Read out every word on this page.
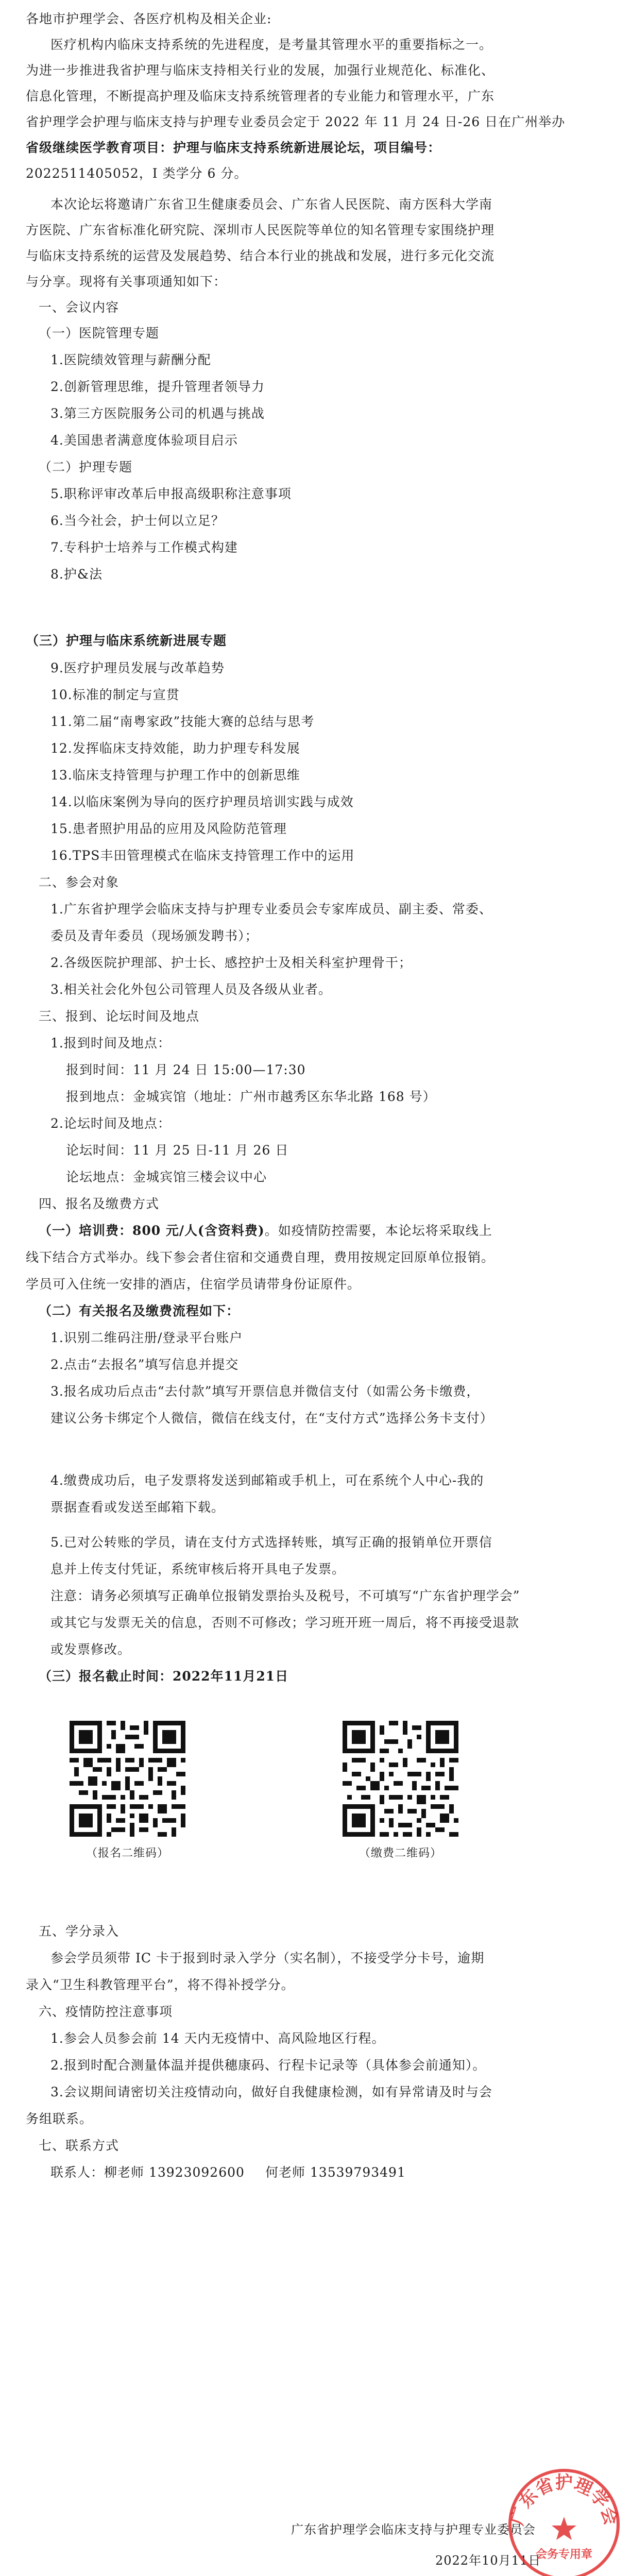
各地市护理学会、各医疗机构及相关企业:
医疗机构内临床支持系统的先进程度，是考量其管理水平的重要指标之一。
为进一步推进我省护理与临床支持相关行业的发展，加强行业规范化、标准化、
信息化管理，不断提高护理及临床支持系统管理者的专业能力和管理水平，广东
省护理学会护理与临床支持与护理专业委员会定于 2022 年 11 月 24 日-26 日在广州举办
省级继续医学教育项目：护理与临床支持系统新进展论坛，项目编号：
2022511405052，I 类学分 6 分。
本次论坛将邀请广东省卫生健康委员会、广东省人民医院、南方医科大学南
方医院、广东省标准化研究院、深圳市人民医院等单位的知名管理专家围绕护理
与临床支持系统的运营及发展趋势、结合本行业的挑战和发展，进行多元化交流
与分享。现将有关事项通知如下：
一、会议内容
（一）医院管理专题
1.医院绩效管理与薪酬分配
2.创新管理思维，提升管理者领导力
3.第三方医院服务公司的机遇与挑战
4.美国患者满意度体验项目启示
（二）护理专题
5.职称评审改革后申报高级职称注意事项
6.当今社会，护士何以立足？
7.专科护士培养与工作模式构建
8.护&法
（三）护理与临床系统新进展专题
9.医疗护理员发展与改革趋势
10.标准的制定与宣贯
11.第二届“南粤家政”技能大赛的总结与思考
12.发挥临床支持效能，助力护理专科发展
13.临床支持管理与护理工作中的创新思维
14.以临床案例为导向的医疗护理员培训实践与成效
15.患者照护用品的应用及风险防范管理
16.TPS丰田管理模式在临床支持管理工作中的运用
二、参会对象
1.广东省护理学会临床支持与护理专业委员会专家库成员、副主委、常委、
委员及青年委员（现场颁发聘书）；
2.各级医院护理部、护士长、感控护士及相关科室护理骨干；
3.相关社会化外包公司管理人员及各级从业者。
三、报到、论坛时间及地点
1.报到时间及地点：
报到时间：11 月 24 日 15:00—17:30
报到地点：金城宾馆（地址：广州市越秀区东华北路 168 号）
2.论坛时间及地点：
论坛时间：11 月 25 日-11 月 26 日
论坛地点：金城宾馆三楼会议中心
四、报名及缴费方式
（一）培训费：800 元/人(含资料费)。如疫情防控需要，本论坛将采取线上
线下结合方式举办。线下参会者住宿和交通费自理，费用按规定回原单位报销。
学员可入住统一安排的酒店，住宿学员请带身份证原件。
（二）有关报名及缴费流程如下：
1.识别二维码注册/登录平台账户
2.点击“去报名”填写信息并提交
3.报名成功后点击“去付款”填写开票信息并微信支付（如需公务卡缴费，
建议公务卡绑定个人微信，微信在线支付，在“支付方式”选择公务卡支付）
4.缴费成功后，电子发票将发送到邮箱或手机上，可在系统个人中心-我的
票据查看或发送至邮箱下载。
5.已对公转账的学员，请在支付方式选择转账，填写正确的报销单位开票信
息并上传支付凭证，系统审核后将开具电子发票。
注意：请务必须填写正确单位报销发票抬头及税号，不可填写“广东省护理学会”
或其它与发票无关的信息，否则不可修改；学习班开班一周后，将不再接受退款
或发票修改。
（三）报名截止时间：2022年11月21日
（报名二维码）	（缴费二维码）
五、学分录入
参会学员须带 IC 卡于报到时录入学分（实名制），不接受学分卡号，逾期
录入“卫生科教管理平台”，将不得补授学分。
六、疫情防控注意事项
1.参会人员参会前 14 天内无疫情中、高风险地区行程。
2.报到时配合测量体温并提供穗康码、行程卡记录等（具体参会前通知）。
3.会议期间请密切关注疫情动向，做好自我健康检测，如有异常请及时与会
务组联系。
七、联系方式
联系人：柳老师 13923092600 何老师 13539793491
广东省护理学会临床支持与护理专业委员会
2022年10月11日
广东省护理学会
会务专用章
